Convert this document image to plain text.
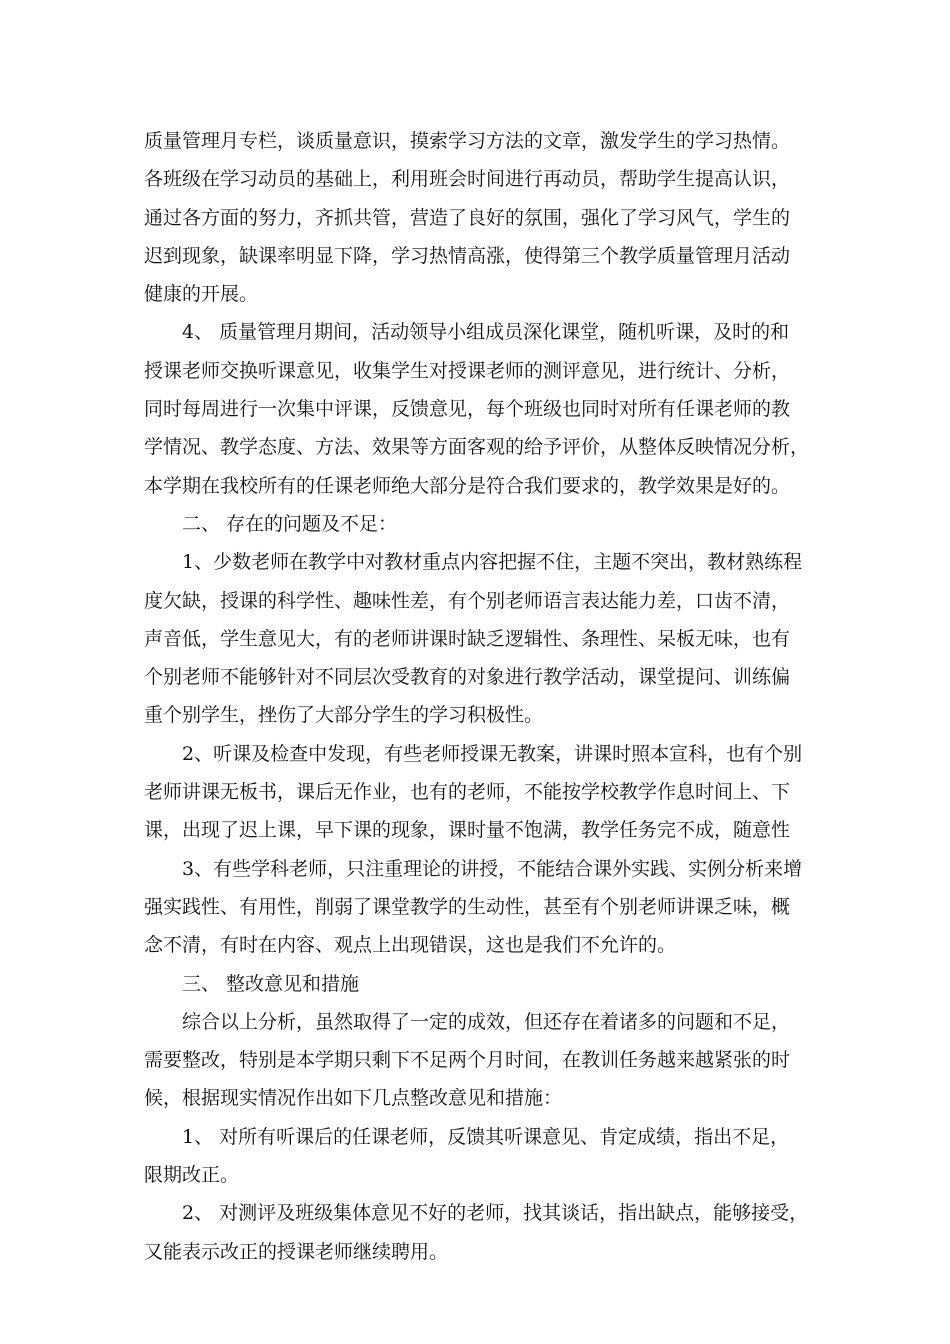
质量管理月专栏，谈质量意识，摸索学习方法的文章，激发学生的学习热情。
各班级在学习动员的基础上，利用班会时间进行再动员，帮助学生提高认识，
通过各方面的努力，齐抓共管，营造了良好的氛围，强化了学习风气，学生的
迟到现象，缺课率明显下降，学习热情高涨，使得第三个教学质量管理月活动
健康的开展。
4、 质量管理月期间，活动领导小组成员深化课堂，随机听课，及时的和
授课老师交换听课意见，收集学生对授课老师的测评意见，进行统计、分析，
同时每周进行一次集中评课，反馈意见，每个班级也同时对所有任课老师的教
学情况、教学态度、方法、效果等方面客观的给予评价，从整体反映情况分析，
本学期在我校所有的任课老师绝大部分是符合我们要求的，教学效果是好的。
二、 存在的问题及不足：
1、少数老师在教学中对教材重点内容把握不住，主题不突出，教材熟练程
度欠缺，授课的科学性、趣味性差，有个别老师语言表达能力差，口齿不清，
声音低，学生意见大，有的老师讲课时缺乏逻辑性、条理性、呆板无味，也有
个别老师不能够针对不同层次受教育的对象进行教学活动，课堂提问、训练偏
重个别学生，挫伤了大部分学生的学习积极性。
2、听课及检查中发现，有些老师授课无教案，讲课时照本宣科，也有个别
老师讲课无板书，课后无作业，也有的老师，不能按学校教学作息时间上、下
课，出现了迟上课，早下课的现象，课时量不饱满，教学任务完不成，随意性
3、有些学科老师，只注重理论的讲授，不能结合课外实践、实例分析来增
强实践性、有用性，削弱了课堂教学的生动性，甚至有个别老师讲课乏味，概
念不清，有时在内容、观点上出现错误，这也是我们不允许的。
三、 整改意见和措施
综合以上分析，虽然取得了一定的成效，但还存在着诸多的问题和不足，
需要整改，特别是本学期只剩下不足两个月时间，在教训任务越来越紧张的时
候，根据现实情况作出如下几点整改意见和措施：
1、 对所有听课后的任课老师，反馈其听课意见、肯定成绩，指出不足，
限期改正。
2、 对测评及班级集体意见不好的老师，找其谈话，指出缺点，能够接受，
又能表示改正的授课老师继续聘用。
